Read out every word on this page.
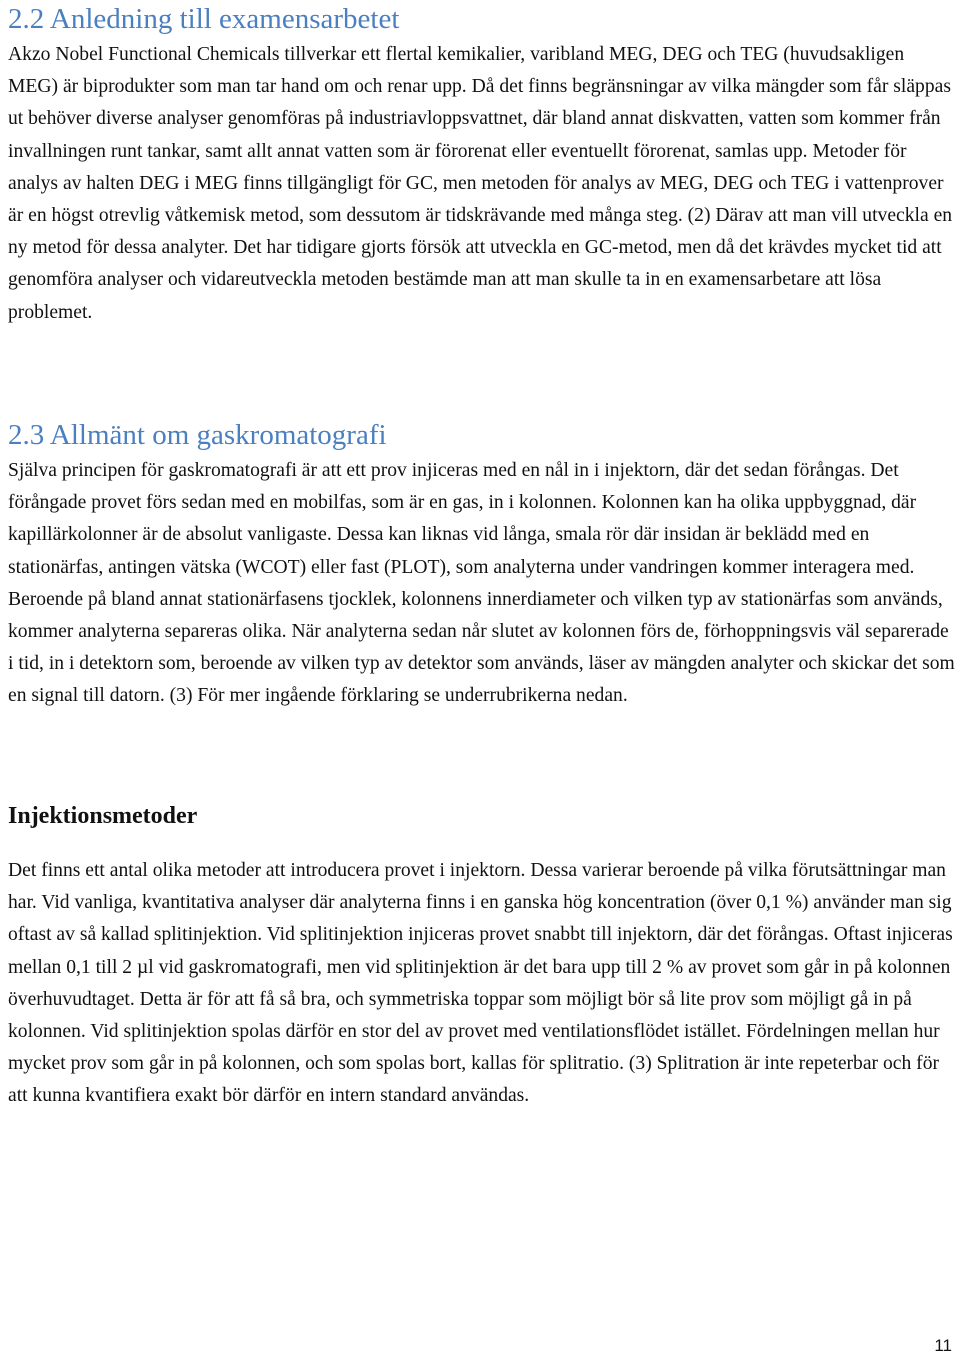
2.2 Anledning till examensarbetet

Akzo Nobel Functional Chemicals tillverkar ett flertal kemikalier, varibland MEG, DEG och TEG (huvudsakligen MEG) är biprodukter som man tar hand om och renar upp. Då det finns begränsningar av vilka mängder som får släppas ut behöver diverse analyser genomföras på industriavloppsvattnet, där bland annat diskvatten, vatten som kommer från invallningen runt tankar, samt allt annat vatten som är förorenat eller eventuellt förorenat, samlas upp. Metoder för analys av halten DEG i MEG finns tillgängligt för GC, men metoden för analys av MEG, DEG och TEG i vattenprover är en högst otrevlig våtkemisk metod, som dessutom är tidskrävande med många steg. (2) Därav att man vill utveckla en ny metod för dessa analyter. Det har tidigare gjorts försök att utveckla en GC-metod, men då det krävdes mycket tid att genomföra analyser och vidareutveckla metoden bestämde man att man skulle ta in en examensarbetare att lösa problemet.

2.3 Allmänt om gaskromatografi

Själva principen för gaskromatografi är att ett prov injiceras med en nål in i injektorn, där det sedan förångas. Det förångade provet förs sedan med en mobilfas, som är en gas, in i kolonnen. Kolonnen kan ha olika uppbyggnad, där kapillärkolonner är de absolut vanligaste. Dessa kan liknas vid långa, smala rör där insidan är beklädd med en stationärfas, antingen vätska (WCOT) eller fast (PLOT), som analyterna under vandringen kommer interagera med. Beroende på bland annat stationärfasens tjocklek, kolonnens innerdiameter och vilken typ av stationärfas som används, kommer analyterna separeras olika. När analyterna sedan når slutet av kolonnen förs de, förhoppningsvis väl separerade i tid, in i detektorn som, beroende av vilken typ av detektor som används, läser av mängden analyter och skickar det som en signal till datorn. (3) För mer ingående förklaring se underrubrikerna nedan.

Injektionsmetoder

Det finns ett antal olika metoder att introducera provet i injektorn. Dessa varierar beroende på vilka förutsättningar man har. Vid vanliga, kvantitativa analyser där analyterna finns i en ganska hög koncentration (över 0,1 %) använder man sig oftast av så kallad splitinjektion. Vid splitinjektion injiceras provet snabbt till injektorn, där det förångas. Oftast injiceras mellan 0,1 till 2 µl vid gaskromatografi, men vid splitinjektion är det bara upp till 2 % av provet som går in på kolonnen överhuvudtaget. Detta är för att få så bra, och symmetriska toppar som möjligt bör så lite prov som möjligt gå in på kolonnen. Vid splitinjektion spolas därför en stor del av provet med ventilationsflödet istället. Fördelningen mellan hur mycket prov som går in på kolonnen, och som spolas bort, kallas för splitratio. (3) Splitration är inte repeterbar och för att kunna kvantifiera exakt bör därför en intern standard användas.

11
